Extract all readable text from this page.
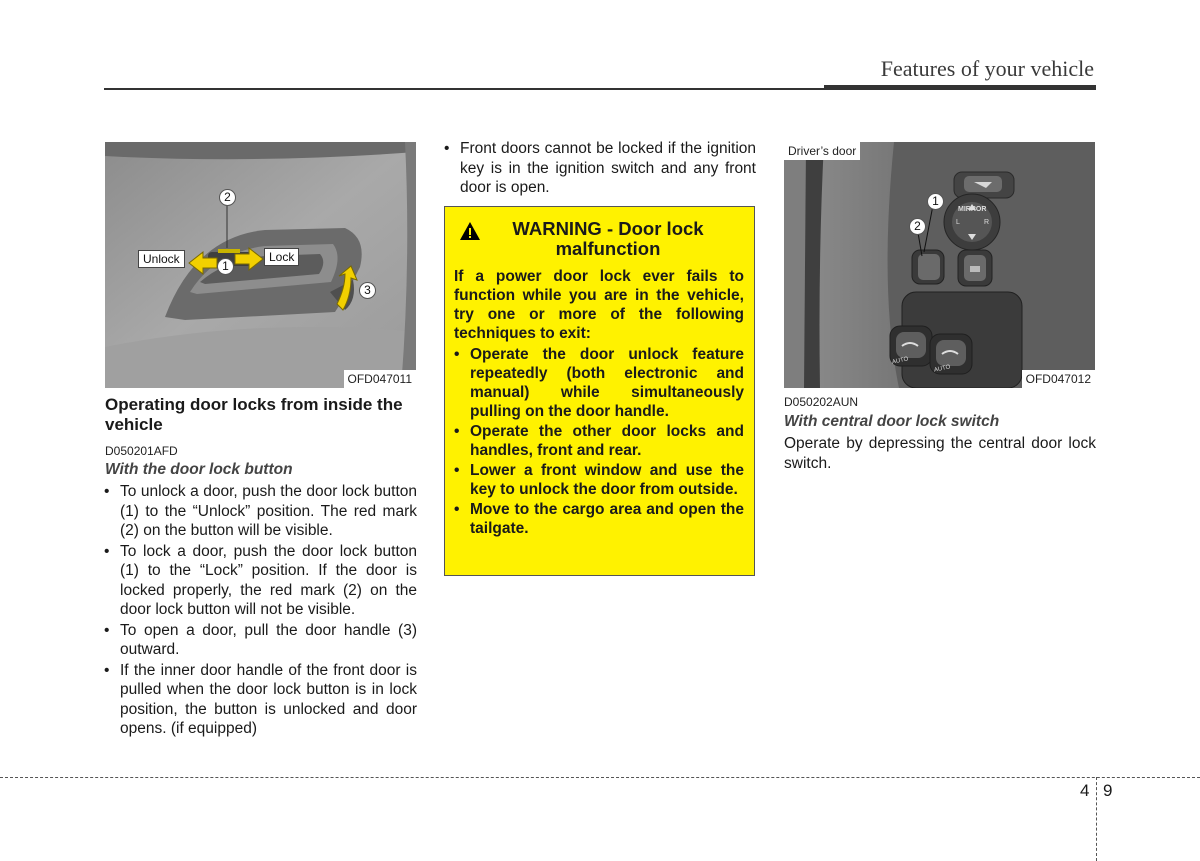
Features of your vehicle
2
1
3
Unlock	Lock
OFD047011
Operating door locks from inside the vehicle
D050201AFD
With the door lock button
• To unlock a door, push the door lock button (1) to the “Unlock” position. The red mark (2) on the button will be visible.
• To lock a door, push the door lock button (1) to the “Lock” position. If the door is locked properly, the red mark (2) on the door lock button will not be visible.
• To open a door, pull the door handle (3) outward.
• If the inner door handle of the front door is pulled when the door lock button is in lock position, the button is unlocked and door opens. (if equipped)
• Front doors cannot be locked if the ignition key is in the ignition switch and any front door is open.
WARNING - Door lock malfunction
If a power door lock ever fails to function while you are in the vehicle, try one or more of the following techniques to exit:
• Operate the door unlock feature repeatedly (both electronic and manual) while simultaneously pulling on the door handle.
• Operate the other door locks and handles, front and rear.
• Lower a front window and use the key to unlock the door from outside.
• Move to the cargo area and open the tailgate.
MIRROR
L	R
AUTO
AUTO
1
2
Driver’s door
OFD047012
D050202AUN
With central door lock switch
Operate by depressing the central door lock switch.
4 9
